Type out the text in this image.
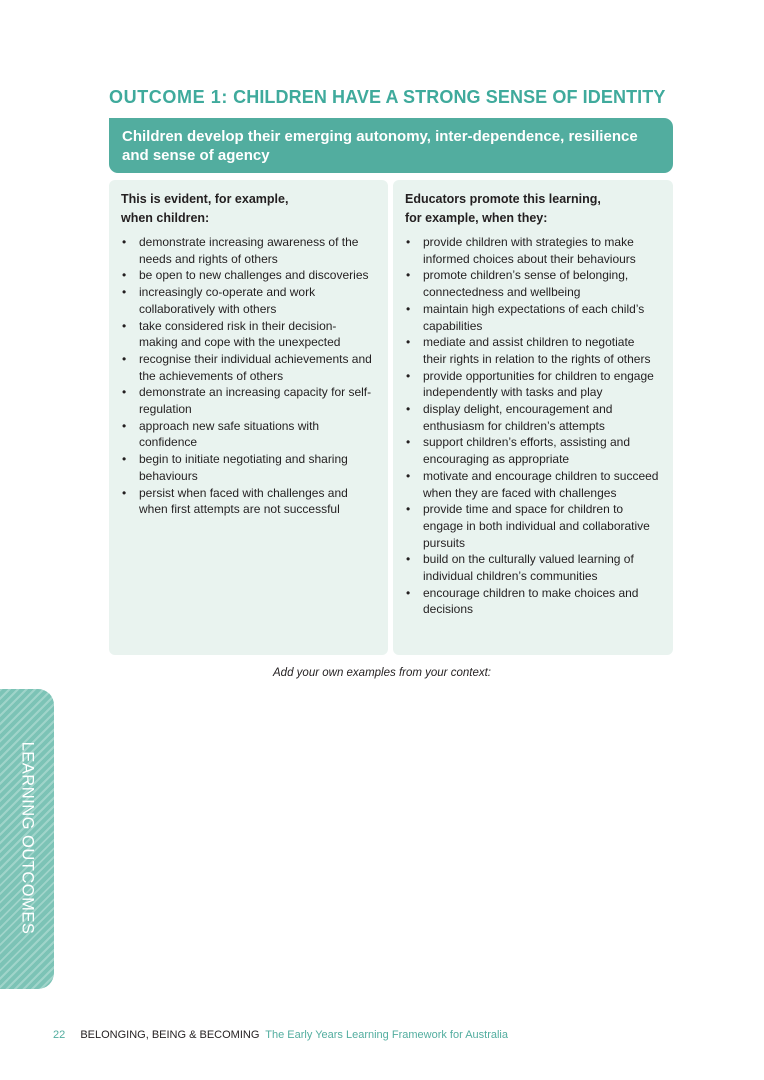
OUTCOME 1: CHILDREN HAVE A STRONG SENSE OF IDENTITY
Children develop their emerging autonomy, inter-dependence, resilience and sense of agency
This is evident, for example,
when children:
• demonstrate increasing awareness of the needs and rights of others
• be open to new challenges and discoveries
• increasingly co-operate and work collaboratively with others
• take considered risk in their decision-making and cope with the unexpected
• recognise their individual achievements and the achievements of others
• demonstrate an increasing capacity for self-regulation
• approach new safe situations with confidence
• begin to initiate negotiating and sharing behaviours
• persist when faced with challenges and when first attempts are not successful
Educators promote this learning,
for example, when they:
• provide children with strategies to make informed choices about their behaviours
• promote children’s sense of belonging, connectedness and wellbeing
• maintain high expectations of each child’s capabilities
• mediate and assist children to negotiate their rights in relation to the rights of others
• provide opportunities for children to engage independently with tasks and play
• display delight, encouragement and enthusiasm for children’s attempts
• support children’s efforts, assisting and encouraging as appropriate
• motivate and encourage children to succeed when they are faced with challenges
• provide time and space for children to engage in both individual and collaborative pursuits
• build on the culturally valued learning of individual children’s communities
• encourage children to make choices and decisions

Add your own examples from your context:

LEARNING OUTCOMES

22 BELONGING, BEING & BECOMING The Early Years Learning Framework for Australia
